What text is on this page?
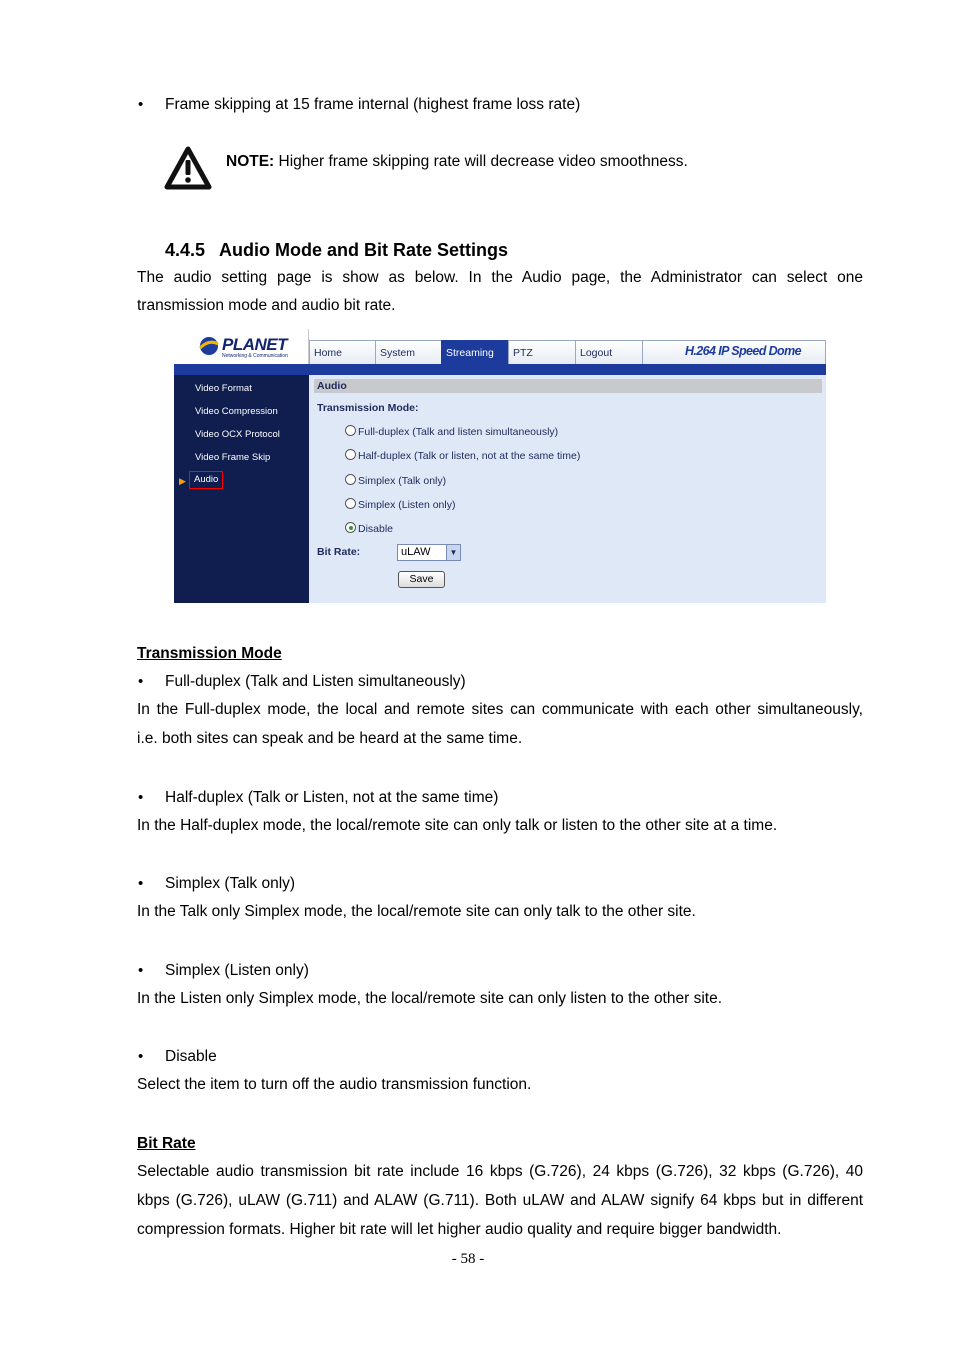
• Frame skipping at 15 frame internal (highest frame loss rate)
NOTE: Higher frame skipping rate will decrease video smoothness.
4.4.5 Audio Mode and Bit Rate Settings
The audio setting page is show as below. In the Audio page, the Administrator can select one
transmission mode and audio bit rate.
PLANET
Networking & Communication	Home	System	Streaming	PTZ	Logout	H.264 IP Speed Dome
Video Format
Video Compression
Video OCX Protocol
Video Frame Skip
▶ Audio
Audio
Transmission Mode:
Full-duplex (Talk and listen simultaneously)
Half-duplex (Talk or listen, not at the same time)
Simplex (Talk only)
Simplex (Listen only)
Disable
Bit Rate:	uLAW	▼
Save
Transmission Mode
• Full-duplex (Talk and Listen simultaneously)
In the Full-duplex mode, the local and remote sites can communicate with each other simultaneously,
i.e. both sites can speak and be heard at the same time.
• Half-duplex (Talk or Listen, not at the same time)
In the Half-duplex mode, the local/remote site can only talk or listen to the other site at a time.
• Simplex (Talk only)
In the Talk only Simplex mode, the local/remote site can only talk to the other site.
• Simplex (Listen only)
In the Listen only Simplex mode, the local/remote site can only listen to the other site.
• Disable
Select the item to turn off the audio transmission function.
Bit Rate
Selectable audio transmission bit rate include 16 kbps (G.726), 24 kbps (G.726), 32 kbps (G.726), 40
kbps (G.726), uLAW (G.711) and ALAW (G.711). Both uLAW and ALAW signify 64 kbps but in different
compression formats. Higher bit rate will let higher audio quality and require bigger bandwidth.
- 58 -
